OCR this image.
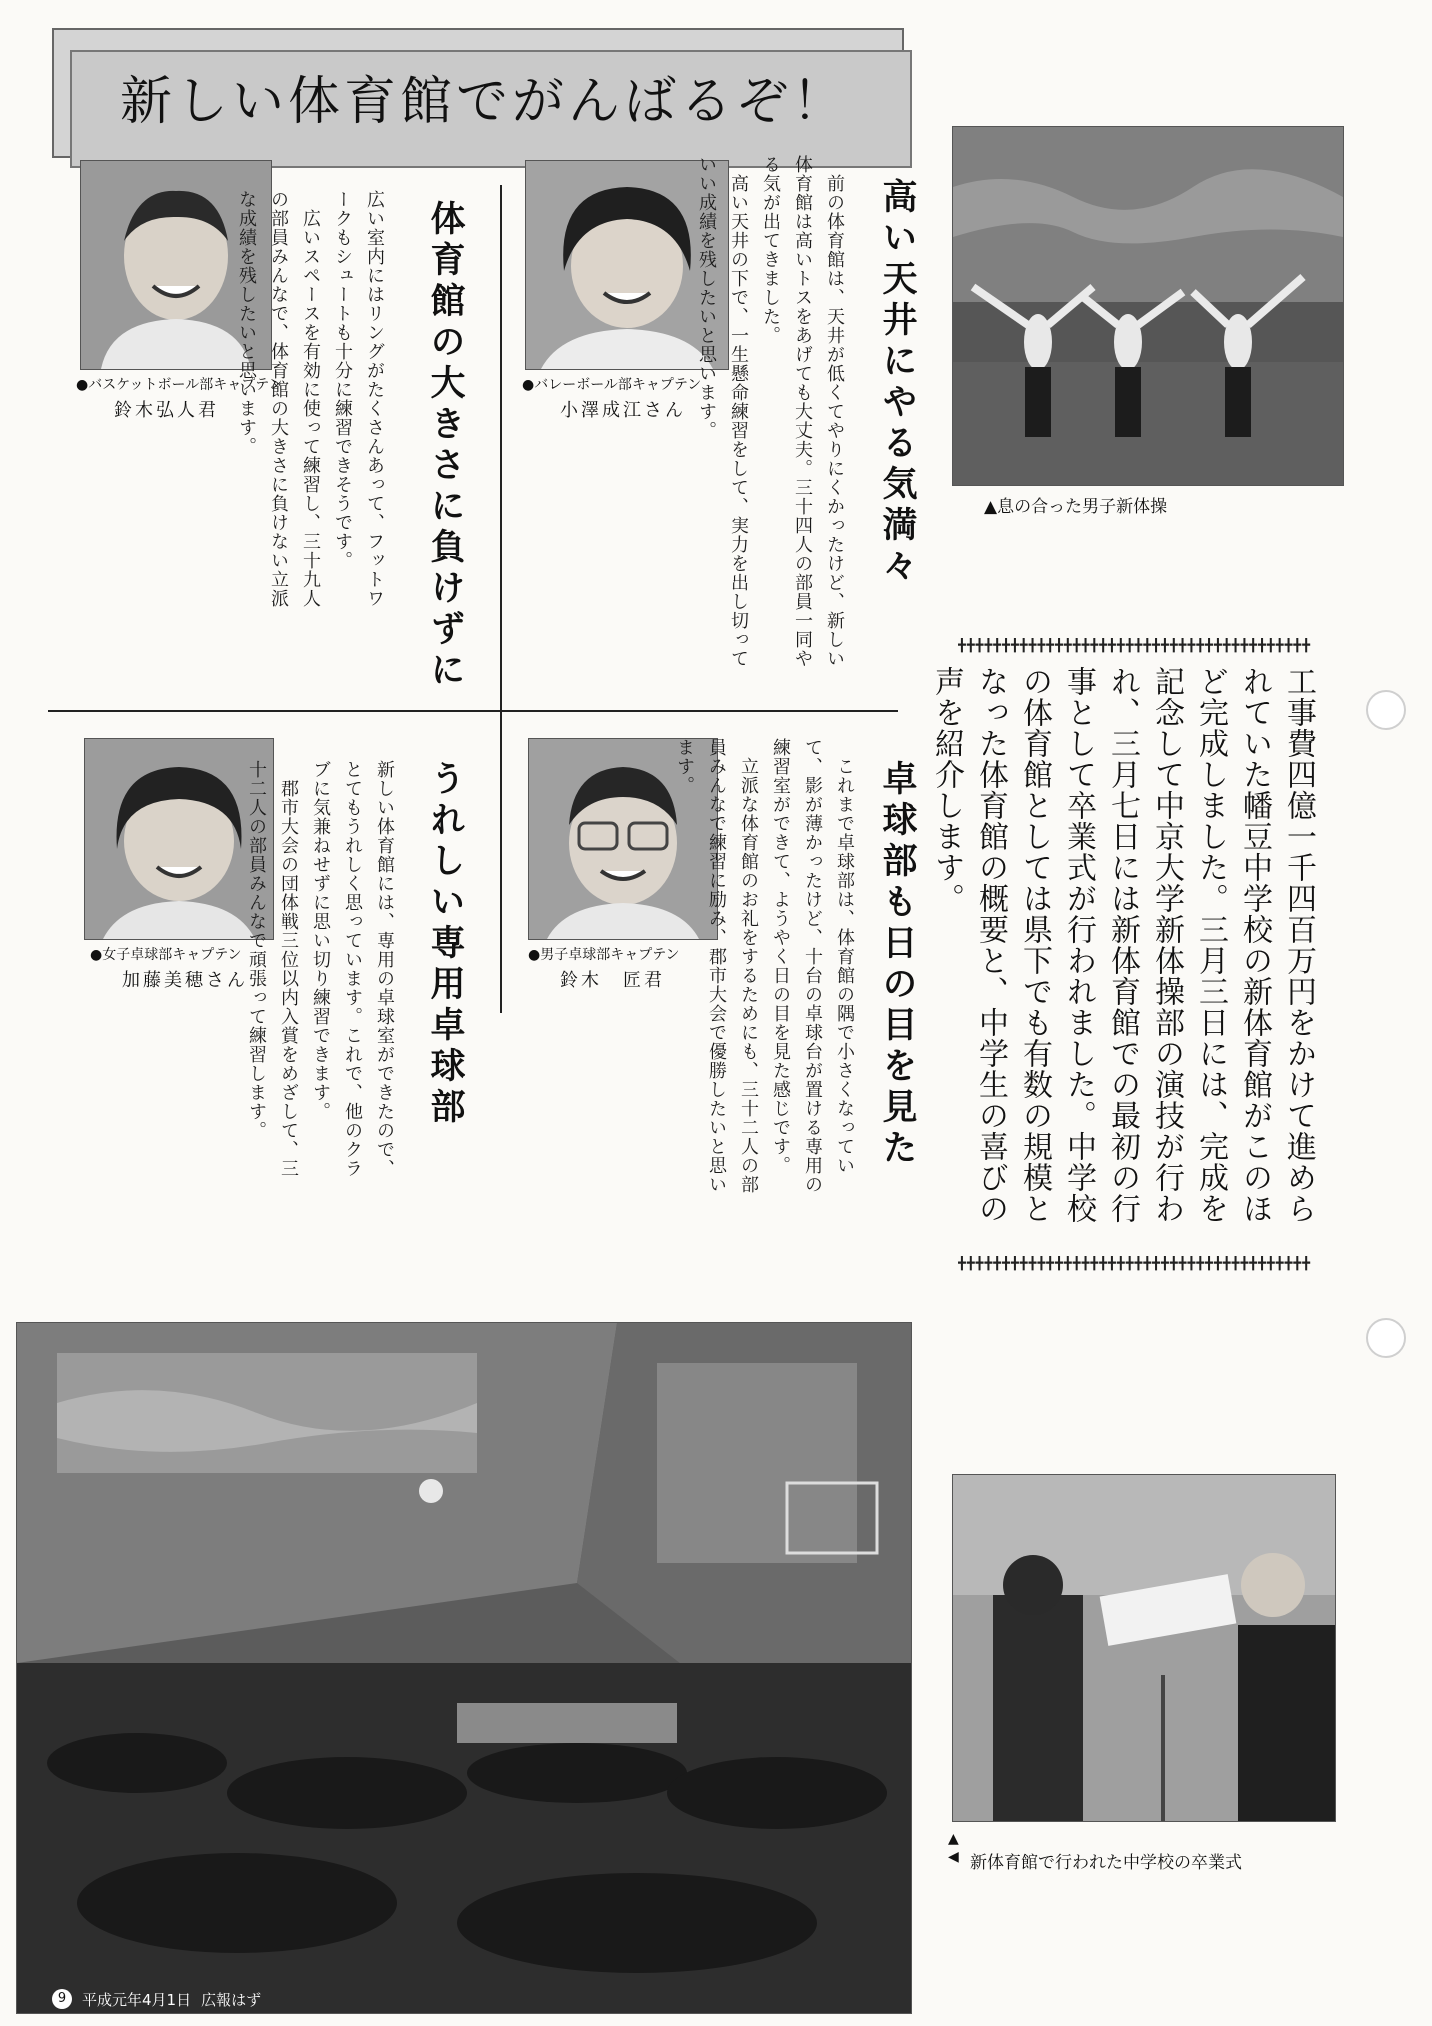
新しい体育館でがんばるぞ！
●バスケットボール部キャプテン
鈴木弘人君	広い室内にはリングがたくさんあって、フットワークもシュートも十分に練習できそうです。
　広いスペースを有効に使って練習し、三十九人の部員みんなで、体育館の大きさに負けない立派な成績を残したいと思います。	体育館の大きさに負けずに	●バレーボール部キャプテン
小澤成江さん	　前の体育館は、天井が低くてやりにくかったけど、新しい体育館は高いトスをあげても大丈夫。三十四人の部員一同やる気が出てきました。
　高い天井の下で、一生懸命練習をして、実力を出し切っていい成績を残したいと思います。	高い天井にやる気満々
●女子卓球部キャプテン
加藤美穂さん	新しい体育館には、専用の卓球室ができたので、とてもうれしく思っています。これで、他のクラブに気兼ねせずに思い切り練習できます。
　郡市大会の団体戦三位以内入賞をめざして、三十二人の部員みんなで頑張って練習します。	うれしい専用卓球部	●男子卓球部キャプテン
鈴木　匠君	　これまで卓球部は、体育館の隅で小さくなっていて、影が薄かったけど、十台の卓球台が置ける専用の練習室ができて、ようやく日の目を見た感じです。
　立派な体育館のお礼をするためにも、三十二人の部員みんなで練習に励み、郡市大会で優勝したいと思います。	卓球部も日の目を見た
▲息の合った男子新体操
╋╋╋╋╋╋╋╋╋╋╋╋╋╋╋╋╋╋╋╋╋╋╋╋╋╋╋╋╋╋╋╋╋╋╋╋╋╋╋╋
╋╋╋╋╋╋╋╋╋╋╋╋╋╋╋╋╋╋╋╋╋╋╋╋╋╋╋╋╋╋╋╋╋╋╋╋╋╋╋╋
工事費四億一千四百万円をかけて進められていた幡豆中学校の新体育館がこのほど完成しました。三月三日には、完成を記念して中京大学新体操部の演技が行われ、三月七日には新体育館での最初の行事として卒業式が行われました。中学校の体育館としては県下でも有数の規模となった体育館の概要と、中学生の喜びの声を紹介します。
▲◀ 新体育館で行われた中学校の卒業式
9	平成元年4月1日 広報はず
